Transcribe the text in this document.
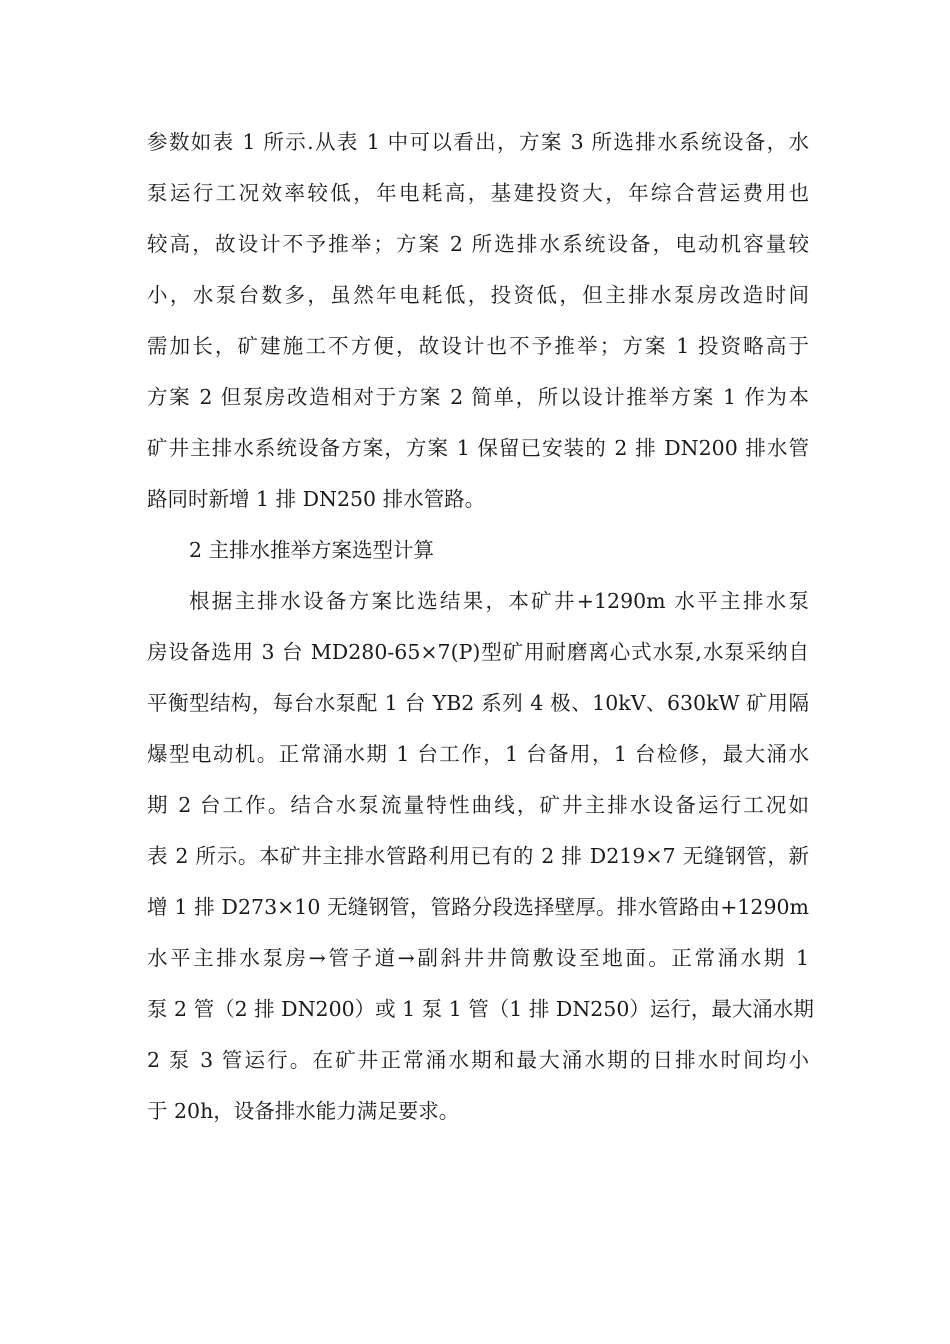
参数如表 1 所示.从表 1 中可以看出，方案 3 所选排水系统设备，水
泵运行工况效率较低，年电耗高，基建投资大，年综合营运费用也
较高，故设计不予推举；方案 2 所选排水系统设备，电动机容量较
小，水泵台数多，虽然年电耗低，投资低，但主排水泵房改造时间
需加长，矿建施工不方便，故设计也不予推举；方案 1 投资略高于
方案 2 但泵房改造相对于方案 2 简单，所以设计推举方案 1 作为本
矿井主排水系统设备方案，方案 1 保留已安装的 2 排 DN200 排水管
路同时新增 1 排 DN250 排水管路。
2 主排水推举方案选型计算
根据主排水设备方案比选结果，本矿井+1290m 水平主排水泵
房设备选用 3 台 MD280-65×7(P)型矿用耐磨离心式水泵,水泵采纳自
平衡型结构，每台水泵配 1 台 YB2 系列 4 极、10kV、630kW 矿用隔
爆型电动机。正常涌水期 1 台工作，1 台备用，1 台检修，最大涌水
期 2 台工作。结合水泵流量特性曲线，矿井主排水设备运行工况如
表 2 所示。本矿井主排水管路利用已有的 2 排 D219×7 无缝钢管，新
增 1 排 D273×10 无缝钢管，管路分段选择壁厚。排水管路由+1290m
水平主排水泵房→管子道→副斜井井筒敷设至地面。正常涌水期 1
泵 2 管（2 排 DN200）或 1 泵 1 管（1 排 DN250）运行，最大涌水期
2 泵 3 管运行。在矿井正常涌水期和最大涌水期的日排水时间均小
于 20h，设备排水能力满足要求。
